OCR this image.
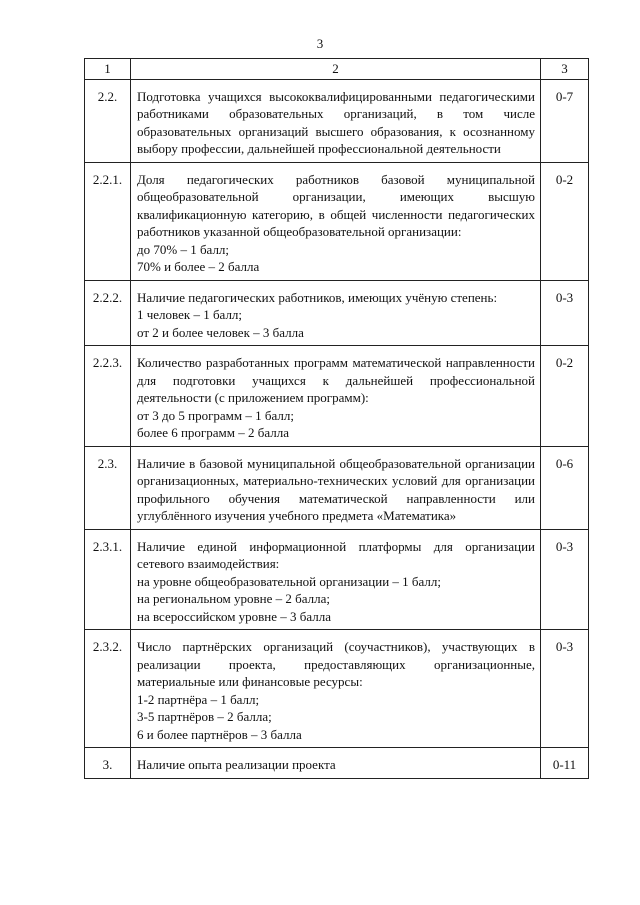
3
1	2	3
2.2.	Подготовка учащихся высококвалифицированными педагогическими работниками образовательных организаций, в том числе образовательных организаций высшего образования, к осознанному выбору профессии, дальнейшей профессиональной деятельности	0-7
2.2.1.	Доля педагогических работников базовой муниципальной общеобразовательной организации, имеющих высшую квалификационную категорию, в общей численности педагогических работников указанной общеобразовательной организации:
до 70% – 1 балл;
70% и более – 2 балла	0-2
2.2.2.	Наличие педагогических работников, имеющих учёную степень:
1 человек – 1 балл;
от 2 и более человек – 3 балла	0-3
2.2.3.	Количество разработанных программ математической направленности для подготовки учащихся к дальнейшей профессиональной деятельности (с приложением программ):
от 3 до 5 программ – 1 балл;
более 6 программ – 2 балла	0-2
2.3.	Наличие в базовой муниципальной общеобразовательной организации организационных, материально-технических условий для организации профильного обучения математической направленности или углублённого изучения учебного предмета «Математика»	0-6
2.3.1.	Наличие единой информационной платформы для организации сетевого взаимодействия:
на уровне общеобразовательной организации – 1 балл;
на региональном уровне – 2 балла;
на всероссийском уровне – 3 балла	0-3
2.3.2.	Число партнёрских организаций (соучастников), участвующих в реализации проекта, предоставляющих организационные, материальные или финансовые ресурсы:
1-2 партнёра – 1 балл;
3-5 партнёров – 2 балла;
6 и более партнёров – 3 балла	0-3
3.	Наличие опыта реализации проекта	0-11
